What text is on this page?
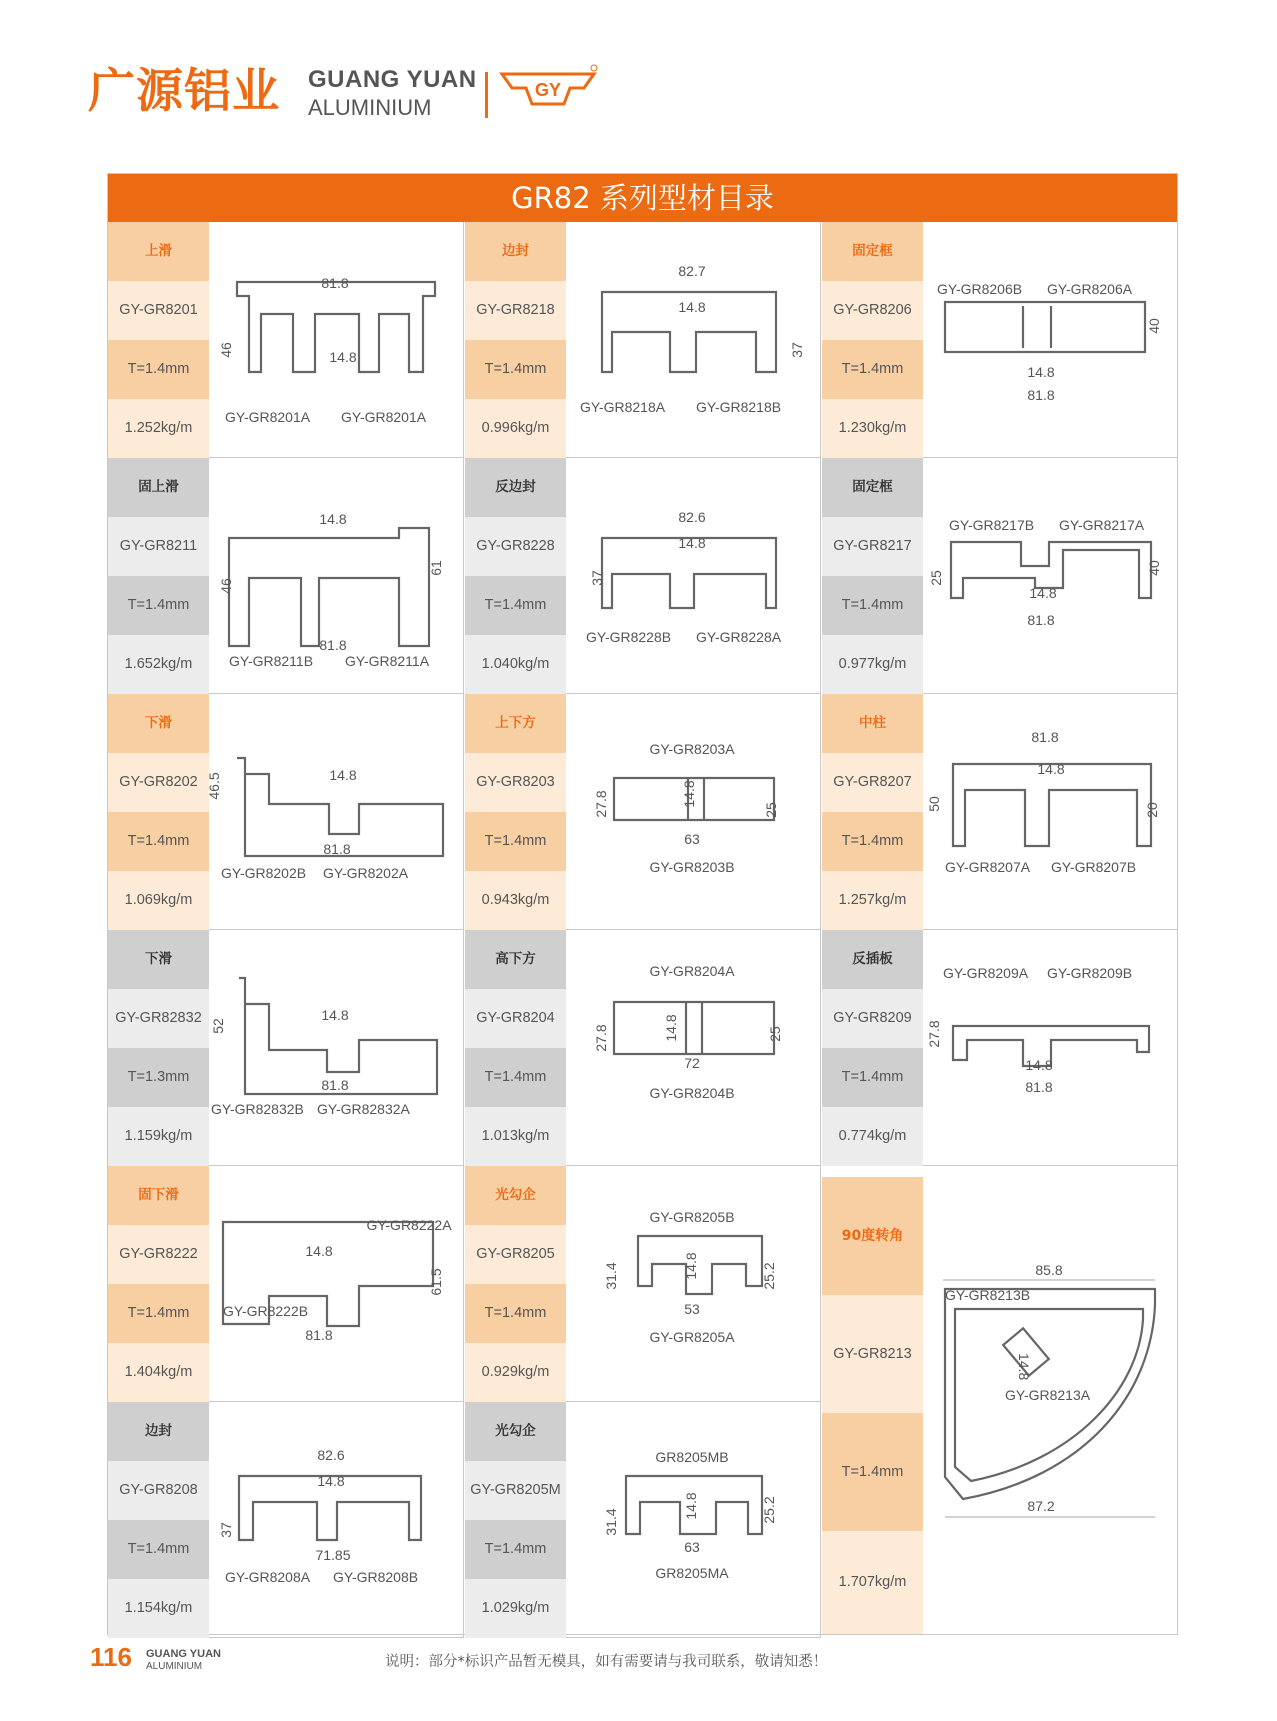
广源铝业 GUANG YUAN
ALUMINIUM
GY
GR82 系列型材目录
上滑
GY-GR8201
T=1.4mm
1.252kg/m
81.8
46	14.8
GY-GR8201A GY-GR8201A
边封
GY-GR8218
T=1.4mm
0.996kg/m
82.7
14.8
37
GY-GR8218A GY-GR8218B
固定框
GY-GR8206
T=1.4mm
1.230kg/m
GY-GR8206B GY-GR8206A
40
14.8
81.8
固上滑
GY-GR8211
T=1.4mm
1.652kg/m
14.8
46
61
81.8
GY-GR8211B GY-GR8211A
反边封
GY-GR8228
T=1.4mm
1.040kg/m
82.6
14.8
37
GY-GR8228B GY-GR8228A
固定框
GY-GR8217
T=1.4mm
0.977kg/m
GY-GR8217B GY-GR8217A
25
40
14.8
81.8
下滑
GY-GR8202
T=1.4mm
1.069kg/m
46.5	14.8
81.8
GY-GR8202B GY-GR8202A
上下方
GY-GR8203
T=1.4mm
0.943kg/m
GY-GR8203A
27.8	14.8
25
63
GY-GR8203B
中柱
GY-GR8207
T=1.4mm
1.257kg/m
81.8
14.8
50	20
GY-GR8207A GY-GR8207B
下滑
GY-GR82832
T=1.3mm
1.159kg/m
52
14.8
81.8
GY-GR82832B GY-GR82832A
高下方
GY-GR8204
T=1.4mm
1.013kg/m
GY-GR8204A
27.8	14.8	25
72
GY-GR8204B
反插板
GY-GR8209
T=1.4mm
0.774kg/m
GY-GR8209A GY-GR8209B
27.8
14.8
81.8
固下滑
GY-GR8222
T=1.4mm
1.404kg/m
GY-GR8222A
14.8
61.5
GY-GR8222B
81.8
光勾企
GY-GR8205
T=1.4mm
0.929kg/m
GY-GR8205B
31.4	14.8	25.2
53
GY-GR8205A
边封
GY-GR8208
T=1.4mm
1.154kg/m
82.6
14.8
37
71.85
GY-GR8208A GY-GR8208B
光勾企
GY-GR8205M
T=1.4mm
1.029kg/m
GR8205MB
31.4
14.8	25.2
63
GR8205MA
90度转角
GY-GR8213
T=1.4mm
1.707kg/m
85.8
GY-GR8213B
14.8
GY-GR8213A
87.2
116 GUANG YUAN
ALUMINIUM	说明：部分*标识产品暂无模具，如有需要请与我司联系，敬请知悉！
